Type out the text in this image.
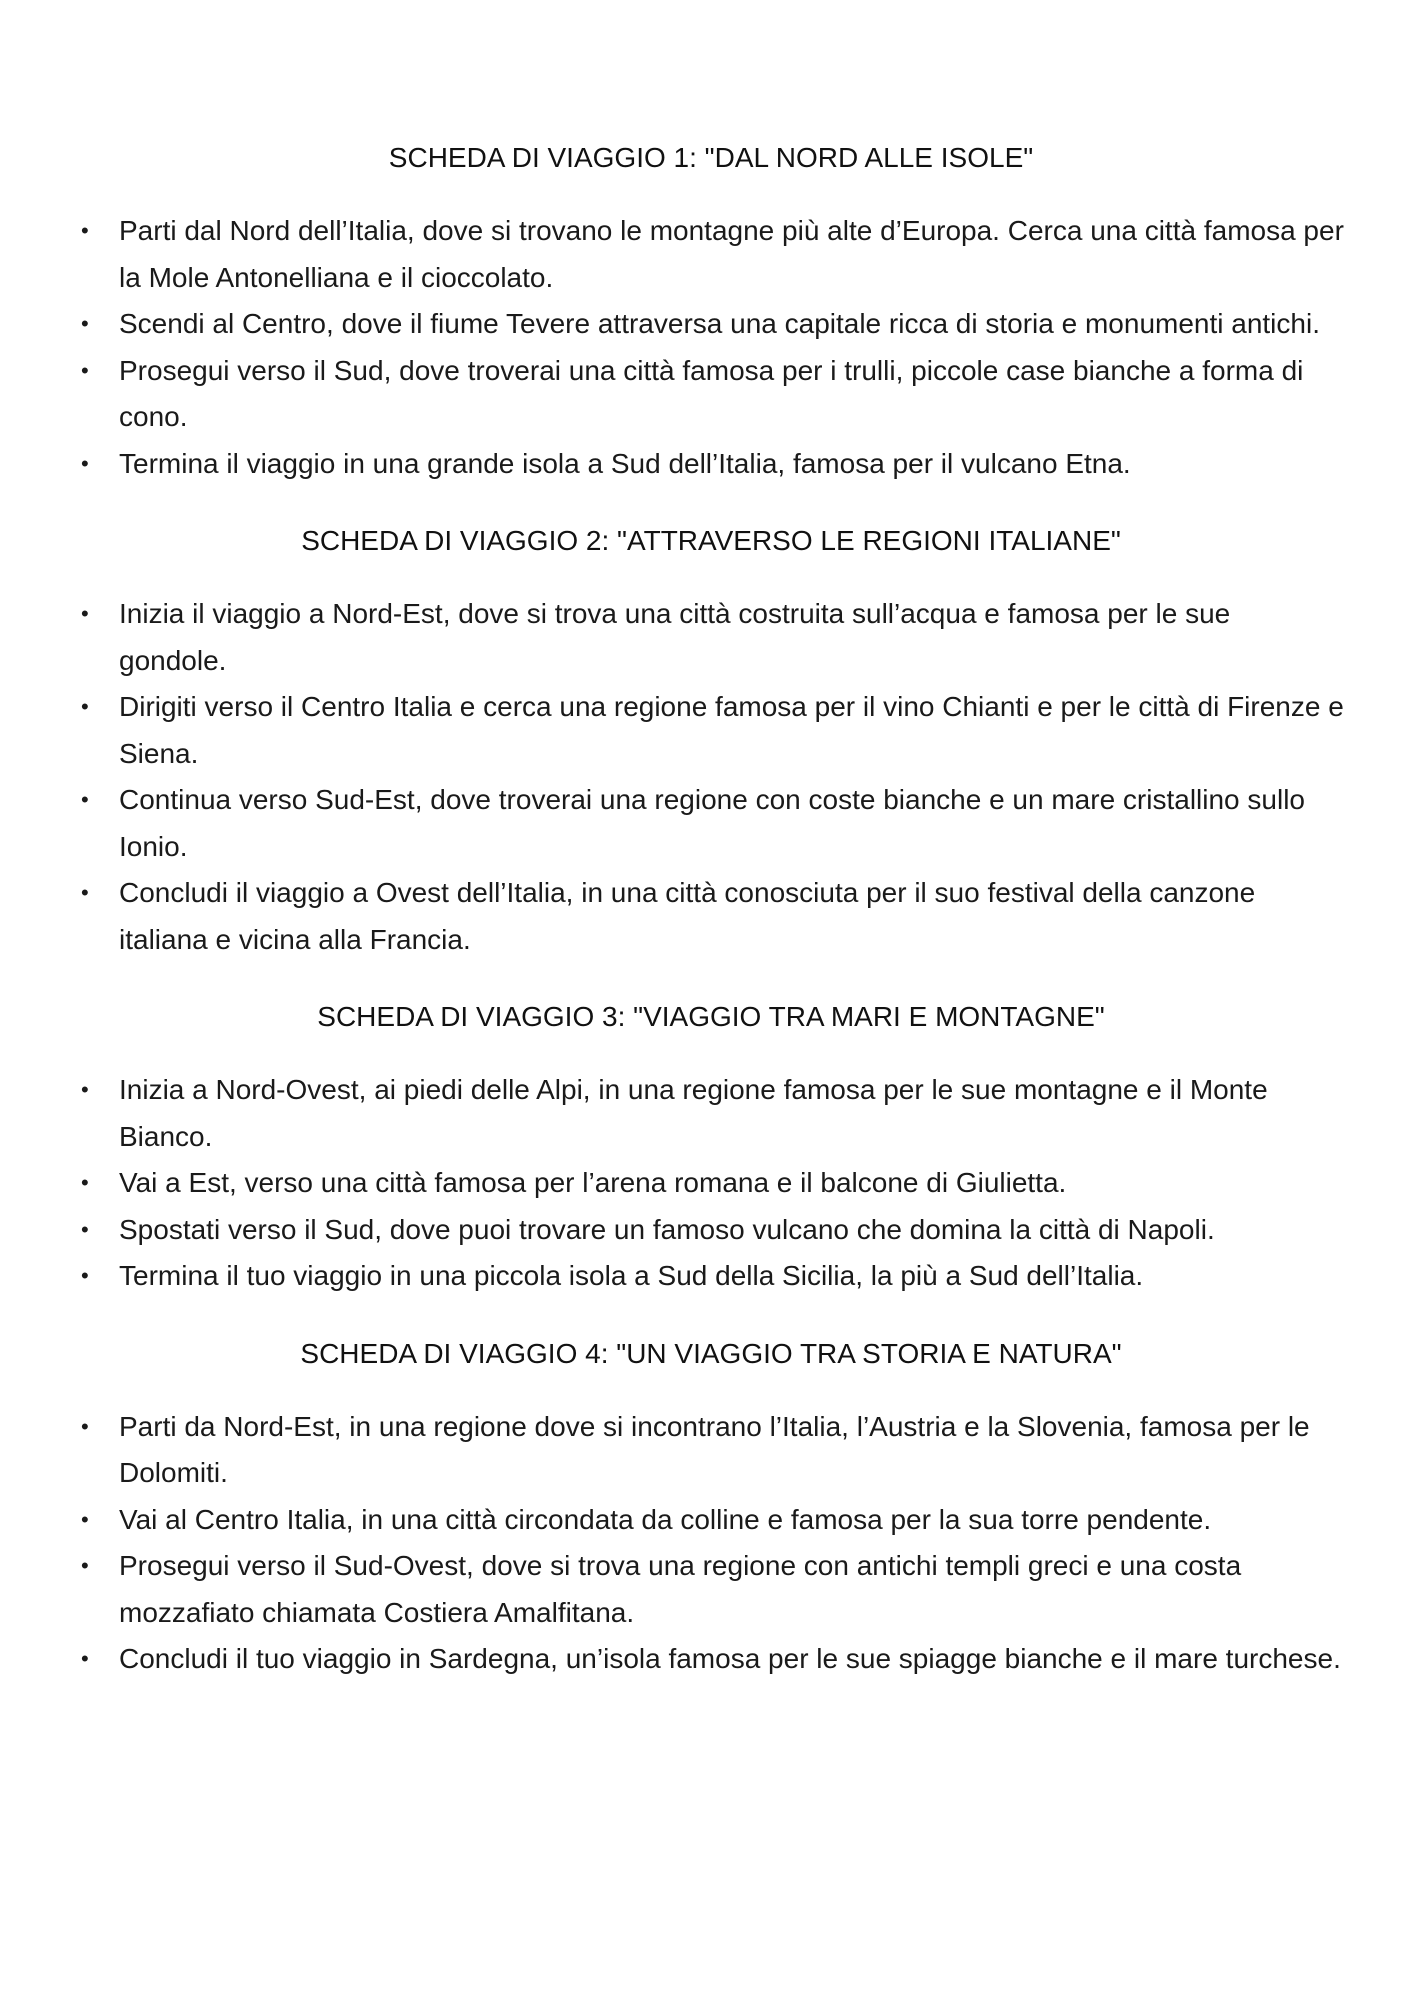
SCHEDA DI VIAGGIO 1: "DAL NORD ALLE ISOLE"
• Parti dal Nord dell’Italia, dove si trovano le montagne più alte d’Europa. Cerca una città famosa per la Mole Antonelliana e il cioccolato.
• Scendi al Centro, dove il fiume Tevere attraversa una capitale ricca di storia e monumenti antichi.
• Prosegui verso il Sud, dove troverai una città famosa per i trulli, piccole case bianche a forma di cono.
• Termina il viaggio in una grande isola a Sud dell’Italia, famosa per il vulcano Etna.
SCHEDA DI VIAGGIO 2: "ATTRAVERSO LE REGIONI ITALIANE"
• Inizia il viaggio a Nord-Est, dove si trova una città costruita sull’acqua e famosa per le sue gondole.
• Dirigiti verso il Centro Italia e cerca una regione famosa per il vino Chianti e per le città di Firenze e Siena.
• Continua verso Sud-Est, dove troverai una regione con coste bianche e un mare cristallino sullo Ionio.
• Concludi il viaggio a Ovest dell’Italia, in una città conosciuta per il suo festival della canzone italiana e vicina alla Francia.
SCHEDA DI VIAGGIO 3: "VIAGGIO TRA MARI E MONTAGNE"
• Inizia a Nord-Ovest, ai piedi delle Alpi, in una regione famosa per le sue montagne e il Monte Bianco.
• Vai a Est, verso una città famosa per l’arena romana e il balcone di Giulietta.
• Spostati verso il Sud, dove puoi trovare un famoso vulcano che domina la città di Napoli.
• Termina il tuo viaggio in una piccola isola a Sud della Sicilia, la più a Sud dell’Italia.
SCHEDA DI VIAGGIO 4: "UN VIAGGIO TRA STORIA E NATURA"
• Parti da Nord-Est, in una regione dove si incontrano l’Italia, l’Austria e la Slovenia, famosa per le Dolomiti.
• Vai al Centro Italia, in una città circondata da colline e famosa per la sua torre pendente.
• Prosegui verso il Sud-Ovest, dove si trova una regione con antichi templi greci e una costa mozzafiato chiamata Costiera Amalfitana.
• Concludi il tuo viaggio in Sardegna, un’isola famosa per le sue spiagge bianche e il mare turchese.
